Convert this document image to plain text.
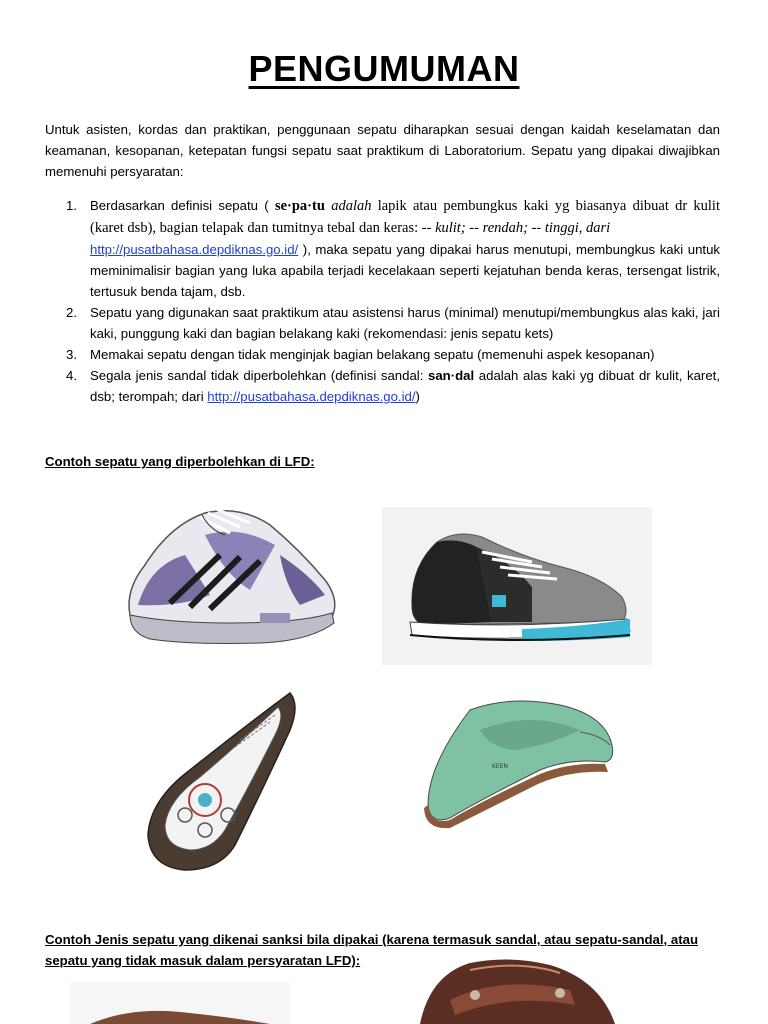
PENGUMUMAN
Untuk asisten, kordas dan praktikan, penggunaan sepatu diharapkan sesuai dengan kaidah keselamatan dan keamanan, kesopanan, ketepatan fungsi sepatu saat praktikum di Laboratorium. Sepatu yang dipakai diwajibkan memenuhi persyaratan:
1. Berdasarkan definisi sepatu ( se·pa·tu adalah lapik atau pembungkus kaki yg biasanya dibuat dr kulit (karet dsb), bagian telapak dan tumitnya tebal dan keras: -- kulit; -- rendah; -- tinggi, dari
http://pusatbahasa.depdiknas.go.id/ ), maka sepatu yang dipakai harus menutupi, membungkus kaki untuk meminimalisir bagian yang luka apabila terjadi kecelakaan seperti kejatuhan benda keras, tersengat listrik, tertusuk benda tajam, dsb.
2. Sepatu yang digunakan saat praktikum atau asistensi harus (minimal) menutupi/membungkus alas kaki, jari kaki, punggung kaki dan bagian belakang kaki (rekomendasi: jenis sepatu kets)
3. Memakai sepatu dengan tidak menginjak bagian belakang sepatu (memenuhi aspek kesopanan)
4. Segala jenis sandal tidak diperbolehkan (definisi sandal: san·dal adalah alas kaki yg dibuat dr kulit, karet, dsb; terompah; dari http://pusatbahasa.depdiknas.go.id/)
Contoh sepatu yang diperbolehkan di LFD:
KEEN
Contoh Jenis sepatu yang dikenai sanksi bila dipakai (karena termasuk sandal, atau sepatu-sandal, atau sepatu yang tidak masuk dalam persyaratan LFD):
